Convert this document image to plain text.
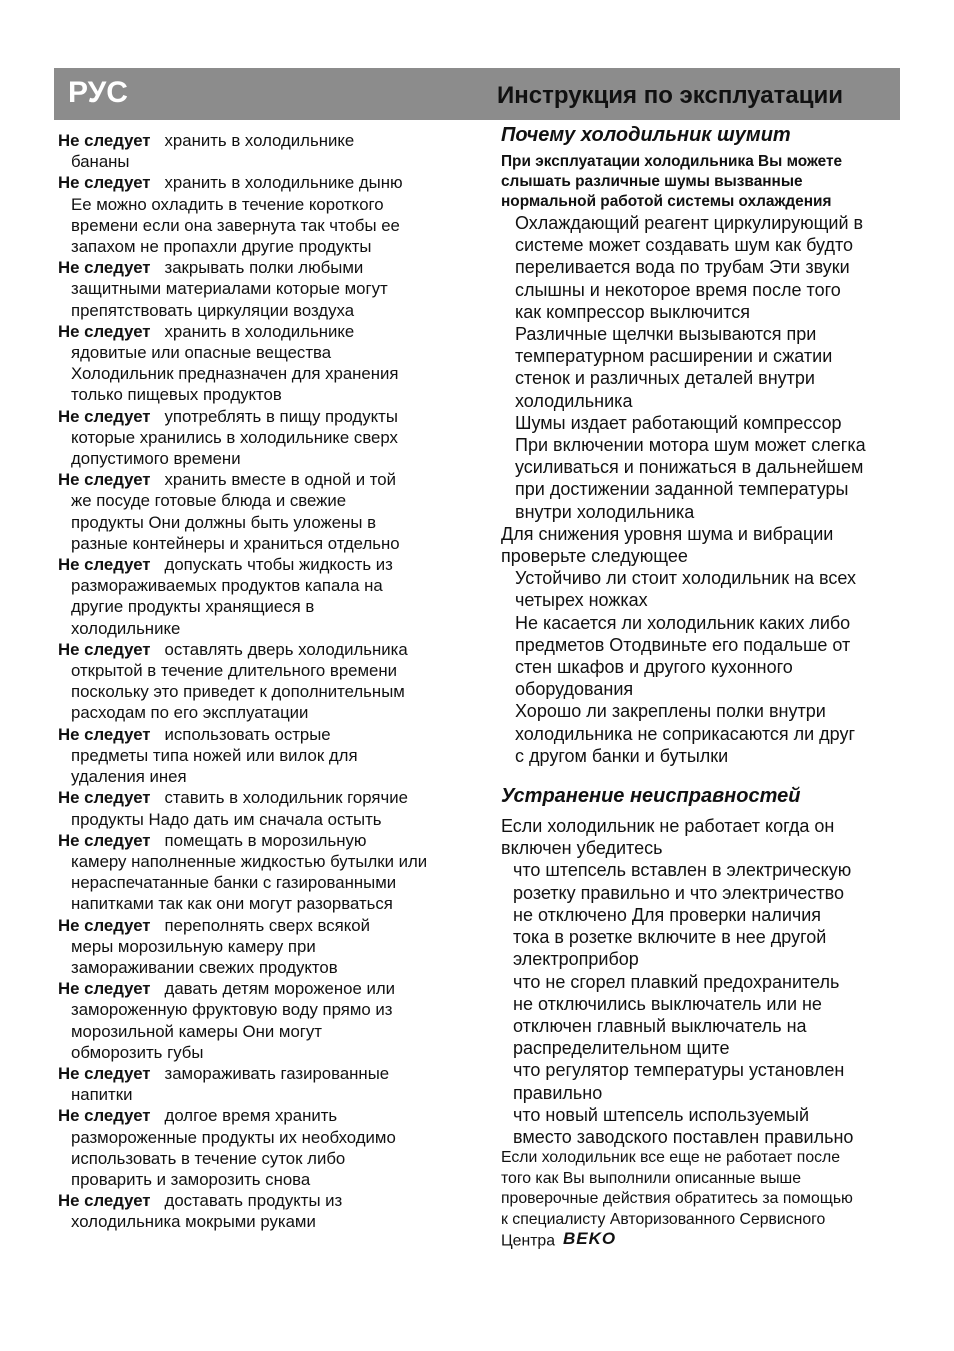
РУС	Инструкция по эксплуатации
Не следует хранить в холодильнике
бананы
Не следует хранить в холодильнике дыню
Ее можно охладить в течение короткого
времени если она завернута так чтобы ее
запахом не пропахли другие продукты
Не следует закрывать полки любыми
защитными материалами которые могут
препятствовать циркуляции воздуха
Не следует хранить в холодильнике
ядовитые или опасные вещества
Холодильник предназначен для хранения
только пищевых продуктов
Не следует употреблять в пищу продукты
которые хранились в холодильнике сверх
допустимого времени
Не следует хранить вместе в одной и той
же посуде готовые блюда и свежие
продукты Они должны быть уложены в
разные контейнеры и храниться отдельно
Не следует допускать чтобы жидкость из
размораживаемых продуктов капала на
другие продукты хранящиеся в
холодильнике
Не следует оставлять дверь холодильника
открытой в течение длительного времени
поскольку это приведет к дополнительным
расходам по его эксплуатации
Не следует использовать острые
предметы типа ножей или вилок для
удаления инея
Не следует ставить в холодильник горячие
продукты Надо дать им сначала остыть
Не следует помещать в морозильную
камеру наполненные жидкостью бутылки или
нераспечатанные банки с газированными
напитками так как они могут разорваться
Не следует переполнять сверх всякой
меры морозильную камеру при
замораживании свежих продуктов
Не следует давать детям мороженое или
замороженную фруктовую воду прямо из
морозильной камеры Они могут
обморозить губы
Не следует замораживать газированные
напитки
Не следует долгое время хранить
размороженные продукты их необходимо
использовать в течение суток либо
проварить и заморозить снова
Не следует доставать продукты из
холодильника мокрыми руками

Почему холодильник шумит

При эксплуатации холодильника Вы можете
слышать различные шумы вызванные
нормальной работой системы охлаждения
Охлаждающий реагент циркулирующий в
системе может создавать шум как будто
переливается вода по трубам Эти звуки
слышны и некоторое время после того
как компрессор выключится
Различные щелчки вызываются при
температурном расширении и сжатии
стенок и различных деталей внутри
холодильника
Шумы издает работающий компрессор
При включении мотора шум может слегка
усиливаться и понижаться в дальнейшем
при достижении заданной температуры
внутри холодильника
Для снижения уровня шума и вибрации
проверьте следующее
Устойчиво ли стоит холодильник на всех
четырех ножках
Не касается ли холодильник каких либо
предметов Отодвиньте его подальше от
стен шкафов и другого кухонного
оборудования
Хорошо ли закреплены полки внутри
холодильника не соприкасаются ли друг
с другом банки и бутылки

Устранение неисправностей

Если холодильник не работает когда он
включен убедитесь
что штепсель вставлен в электрическую
розетку правильно и что электричество
не отключено Для проверки наличия
тока в розетке включите в нее другой
электроприбор
что не сгорел плавкий предохранитель
не отключились выключатель или не
отключен главный выключатель на
распределительном щите
что регулятор температуры установлен
правильно
что новый штепсель используемый
вместо заводского поставлен правильно
Если холодильник все еще не работает после
того как Вы выполнили описанные выше
проверочные действия обратитесь за помощью
к специалисту Авторизованного Сервисного
Центра BEKO
